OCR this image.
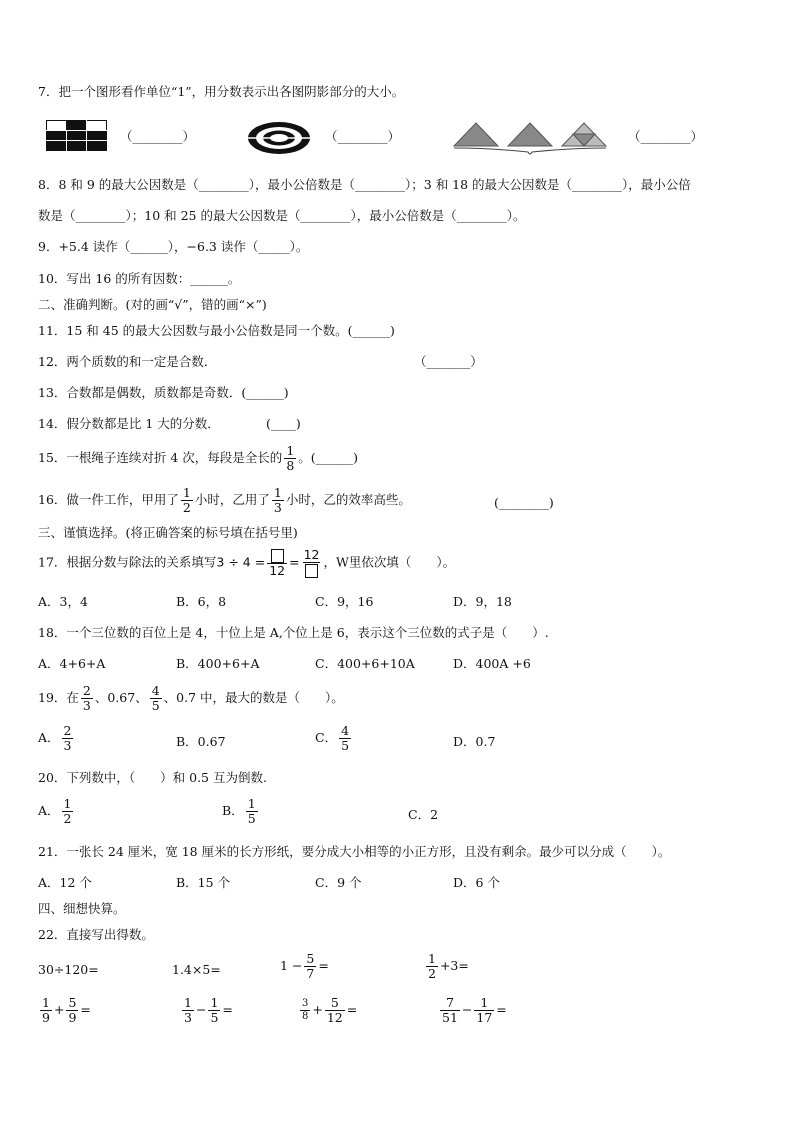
7．把一个图形看作单位“1”，用分数表示出各图阴影部分的大小。
（________）	（________）	（________）
8．8 和 9 的最大公因数是（________），最小公倍数是（________）；3 和 18 的最大公因数是（________），最小公倍
数是（________）；10 和 25 的最大公因数是（________），最小公倍数是（________）。
9．+5.4 读作（______），−6.3 读作（_____）。
10．写出 16 的所有因数：______。
二、准确判断。(对的画“√”，错的画“×”)
11．15 和 45 的最大公因数与最小公倍数是同一个数。(______)
12．两个质数的和一定是合数．	（_______）
13．合数都是偶数，质数都是奇数．(______)
14．假分数都是比 1 大的分数．	(____)
15．一根绳子连续对折 4 次，每段是全长的 $\frac{1}{8}$ 。(______)
16．做一件工作，甲用了 $\frac{1}{2}$ 小时，乙用了 $\frac{1}{3}$ 小时，乙的效率高些。	(________)
三、谨慎选择。(将正确答案的标号填在括号里)
17．根据分数与除法的关系填写3 ÷ 4 =
12
= 12 ，W里依次填（　　）。
A．3，4	B．6，8	C．9，16	D．9，18
18．一个三位数的百位上是 4，十位上是 A,个位上是 6，表示这个三位数的式子是（　　）.
A．4+6+A	B．400+6+A	C．400+6+10A	D．400A +6
19．在 $\frac{2}{3}$ 、0.67、 $\frac{4}{5}$ 、0.7 中，最大的数是（　　）。
A． $\frac{2}{3}$	B．0.67	C． $\frac{4}{5}$	D．0.7
20．下列数中，（　　）和 0.5 互为倒数.
A． $\frac{1}{2}$	B． $\frac{1}{5}$	C．2
21．一张长 24 厘米，宽 18 厘米的长方形纸，要分成大小相等的小正方形，且没有剩余。最少可以分成（　　）。
A．12 个	B．15 个	C．9 个	D．6 个
四、细想快算。
22．直接写出得数。
30÷120=	1.4×5=	$1 - \frac{5}{7}$ =	$\frac{1}{2} +3=$
$\frac{1}{9} + \frac{5}{9}$ =	$\frac{1}{3} - \frac{1}{5}$ =	$\frac{3}{8} + \frac{5}{12}$ =	$\frac{7}{51} - \frac{1}{17}$ =
